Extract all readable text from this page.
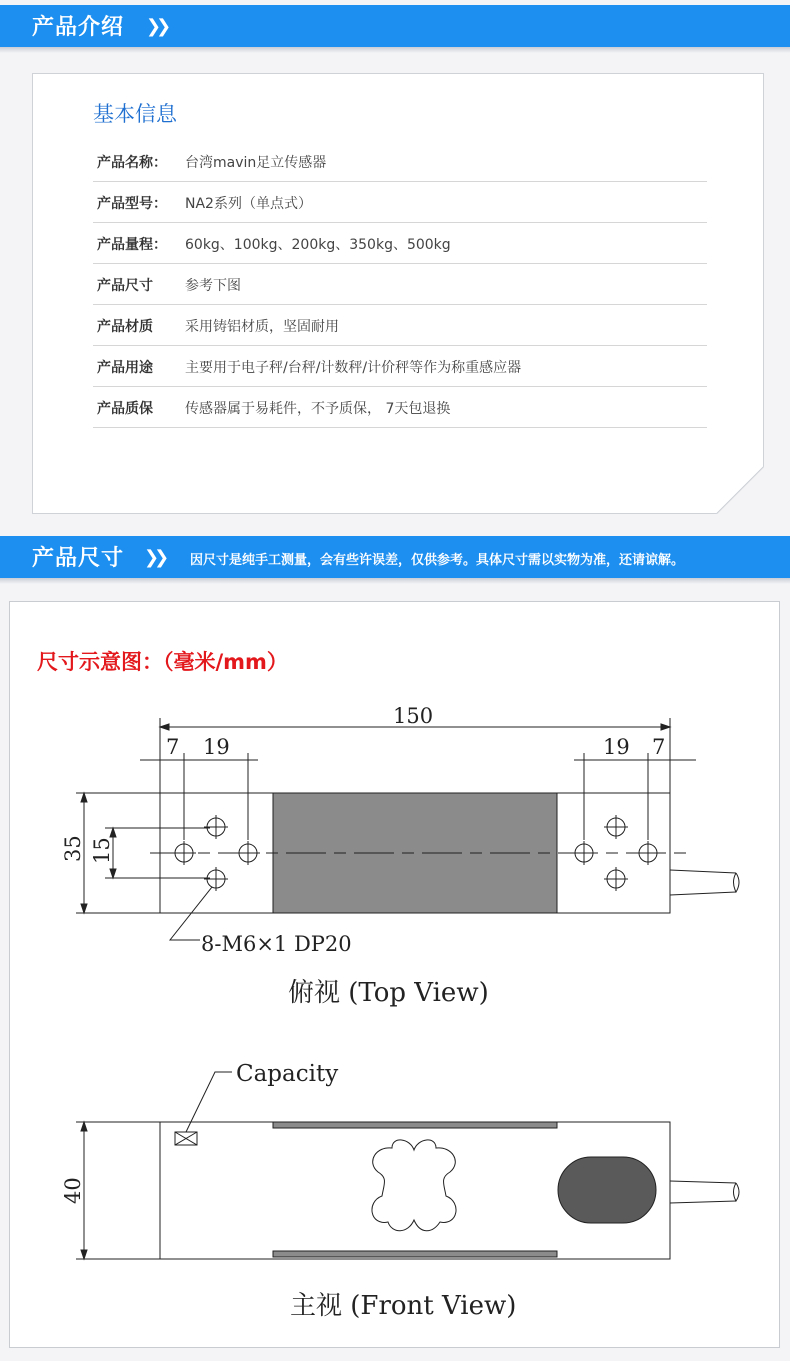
产品介绍 ❯❯
基本信息
产品名称： 台湾mavin足立传感器
产品型号： NA2系列（单点式）
产品量程： 60kg、100kg、200kg、350kg、500kg
产品尺寸 参考下图
产品材质 采用铸铝材质，坚固耐用
产品用途 主要用于电子秤/台秤/计数秤/计价秤等作为称重感应器
产品质保 传感器属于易耗件，不予质保， 7天包退换
产品尺寸 ❯❯ 因尺寸是纯手工测量，会有些许误差，仅供参考。具体尺寸需以实物为准，还请谅解。
尺寸示意图：（毫米/mm）
150
7 19	19 7
35 15
8-M6×1 DP20
俯视 (Top View)
Capacity
40
主视 (Front View)
